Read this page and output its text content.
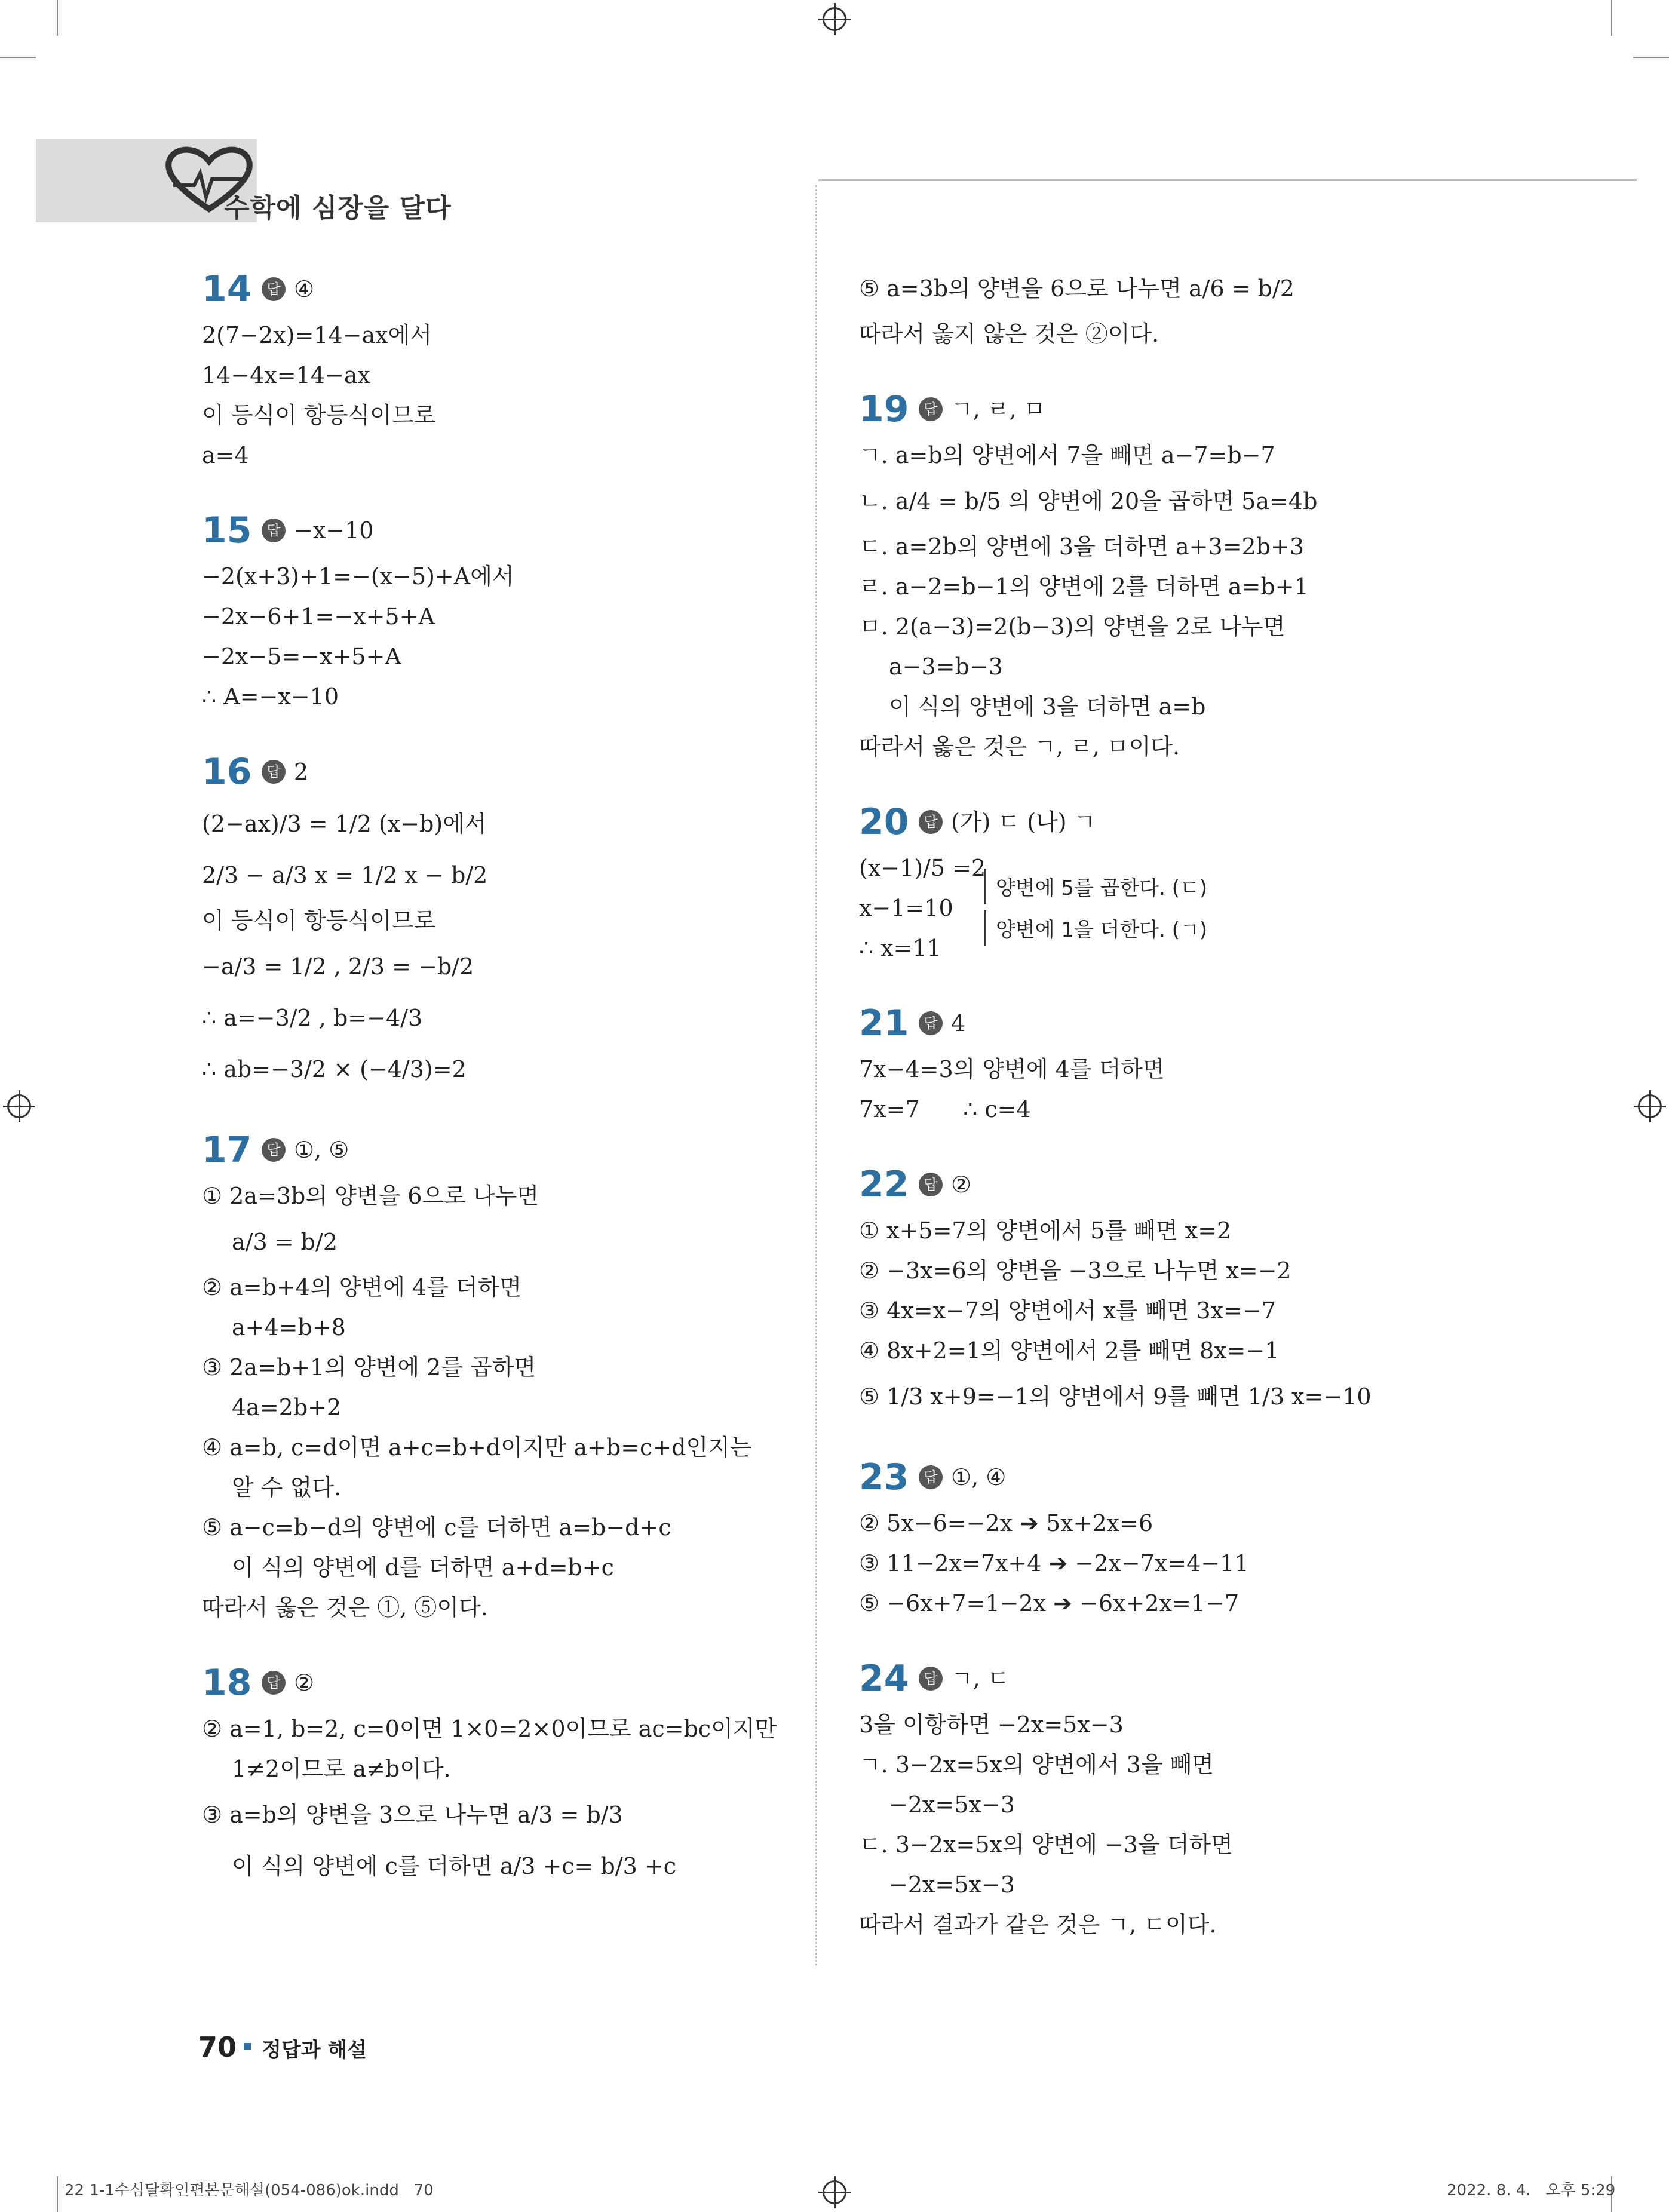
수학에 심장을 달다
14	답 ④
2(7−2x)=14−ax에서
14−4x=14−ax
이 등식이 항등식이므로
a=4
15	답 −x−10
−2(x+3)+1=−(x−5)+A에서
−2x−6+1=−x+5+A
−2x−5=−x+5+A
∴ A=−x−10
16	답 2
(2−ax)/3 = 1/2 (x−b)에서
2/3 − a/3 x = 1/2 x − b/2
이 등식이 항등식이므로
−a/3 = 1/2 , 2/3 = −b/2
∴ a=−3/2 , b=−4/3
∴ ab=−3/2 × (−4/3)=2
17	답 ①, ⑤
① 2a=3b의 양변을 6으로 나누면
a/3 = b/2
② a=b+4의 양변에 4를 더하면
a+4=b+8
③ 2a=b+1의 양변에 2를 곱하면
4a=2b+2
④ a=b, c=d이면 a+c=b+d이지만 a+b=c+d인지는
알 수 없다.
⑤ a−c=b−d의 양변에 c를 더하면 a=b−d+c
이 식의 양변에 d를 더하면 a+d=b+c
따라서 옳은 것은 ①, ⑤이다.
18	답 ②
② a=1, b=2, c=0이면 1×0=2×0이므로 ac=bc이지만
1≠2이므로 a≠b이다.
③ a=b의 양변을 3으로 나누면 a/3 = b/3
이 식의 양변에 c를 더하면 a/3 +c= b/3 +c
⑤ a=3b의 양변을 6으로 나누면 a/6 = b/2
따라서 옳지 않은 것은 ②이다.
19	답 ㄱ, ㄹ, ㅁ
ㄱ. a=b의 양변에서 7을 빼면 a−7=b−7
ㄴ. a/4 = b/5 의 양변에 20을 곱하면 5a=4b
ㄷ. a=2b의 양변에 3을 더하면 a+3=2b+3
ㄹ. a−2=b−1의 양변에 2를 더하면 a=b+1
ㅁ. 2(a−3)=2(b−3)의 양변을 2로 나누면
a−3=b−3
이 식의 양변에 3을 더하면 a=b
따라서 옳은 것은 ㄱ, ㄹ, ㅁ이다.
20	답 (가) ㄷ (나) ㄱ
(x−1)/5 =2
x−1=10
∴ x=11
양변에 5를 곱한다. (ㄷ)
양변에 1을 더한다. (ㄱ)
21	답 4
7x−4=3의 양변에 4를 더하면
7x=7      ∴ c=4
22	답 ②
① x+5=7의 양변에서 5를 빼면 x=2
② −3x=6의 양변을 −3으로 나누면 x=−2
③ 4x=x−7의 양변에서 x를 빼면 3x=−7
④ 8x+2=1의 양변에서 2를 빼면 8x=−1
⑤ 1/3 x+9=−1의 양변에서 9를 빼면 1/3 x=−10
23	답 ①, ④
② 5x−6=−2x ➔ 5x+2x=6
③ 11−2x=7x+4 ➔ −2x−7x=4−11
⑤ −6x+7=1−2x ➔ −6x+2x=1−7
24	답 ㄱ, ㄷ
3을 이항하면 −2x=5x−3
ㄱ. 3−2x=5x의 양변에서 3을 빼면
−2x=5x−3
ㄷ. 3−2x=5x의 양변에 −3을 더하면
−2x=5x−3
따라서 결과가 같은 것은 ㄱ, ㄷ이다.
70 정답과 해설
22 1-1수심달확인편본문해설(054-086)ok.indd   70	2022. 8. 4.   오후 5:29
